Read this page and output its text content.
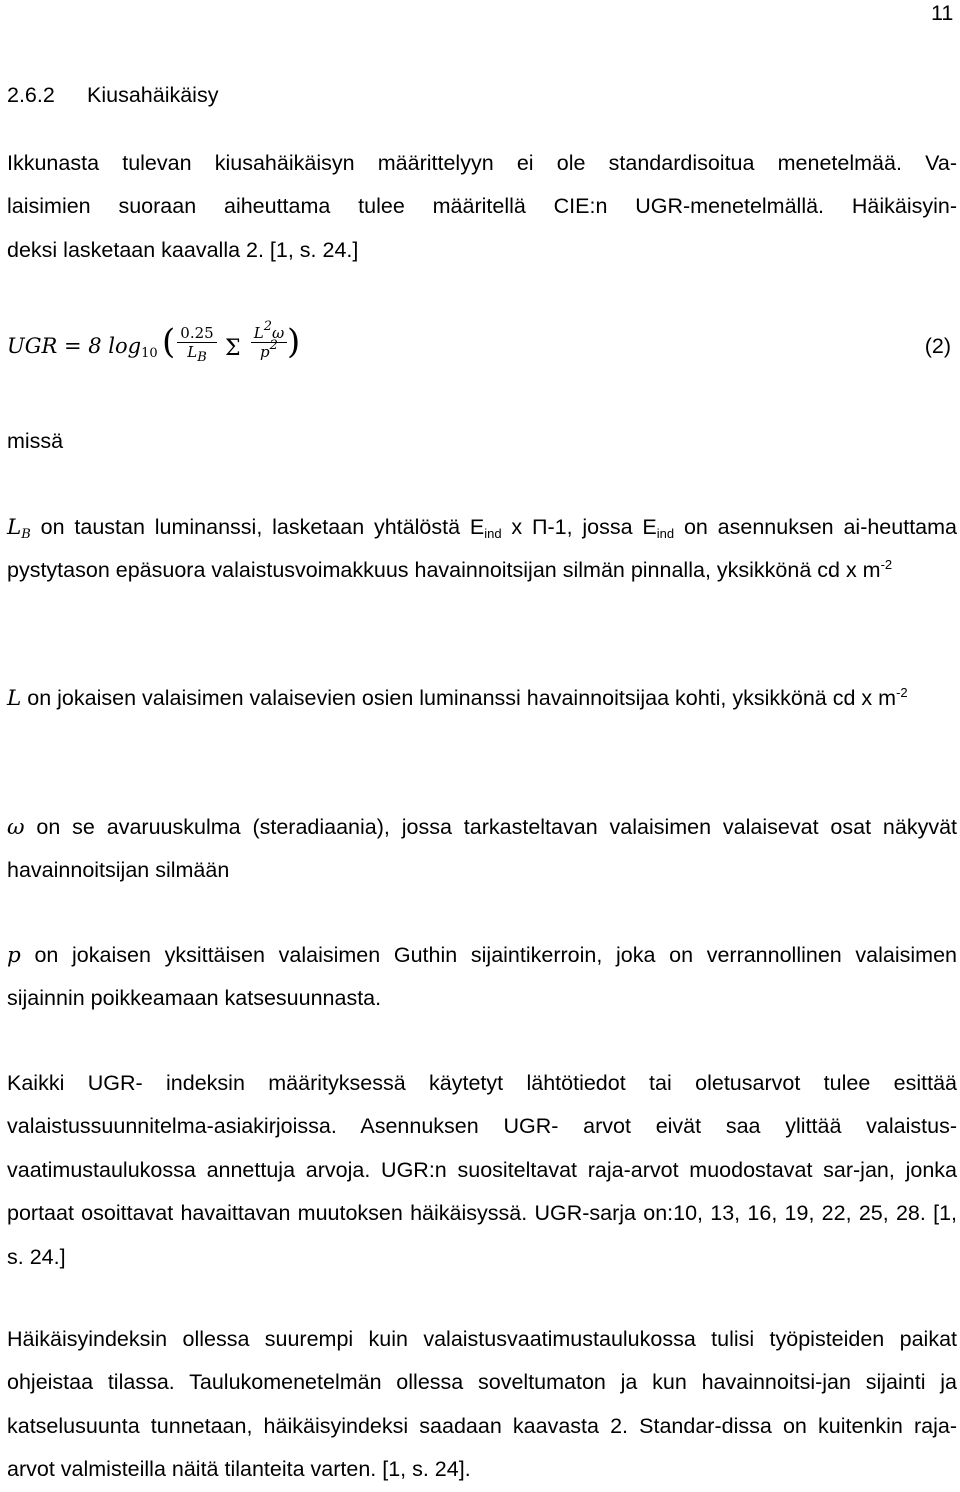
11
2.6.2 Kiusahäikäisy
Ikkunasta tulevan kiusahäikäisyn määrittelyyn ei ole standardisoitua menetelmää. Va-
laisimien suoraan aiheuttama tulee määritellä CIE:n UGR-menetelmällä. Häikäisyin-
deksi lasketaan kaavalla 2. [1, s. 24.]
UGR = 8 $\log_{10}$ ( $\frac{0.25}{L_B}$ Σ $\frac{L^2\omega}{p^2}$ )	(2)
missä
$L_B$ on taustan luminanssi, lasketaan yhtälöstä $E_{ind}$ x Π-1, jossa $E_{ind}$ on asennuksen ai-heuttama pystytason epäsuora valaistusvoimakkuus havainnoitsijan silmän pinnalla, yksikkönä cd x $m^{-2}$
L on jokaisen valaisimen valaisevien osien luminanssi havainnoitsijaa kohti, yksikkönä cd x $m^{-2}$
ω on se avaruuskulma (steradiaania), jossa tarkasteltavan valaisimen valaisevat osat näkyvät havainnoitsijan silmään
p on jokaisen yksittäisen valaisimen Guthin sijaintikerroin, joka on verrannollinen valaisimen sijainnin poikkeamaan katsesuunnasta.
Kaikki UGR- indeksin määrityksessä käytetyt lähtötiedot tai oletusarvot tulee esittää valaistussuunnitelma-asiakirjoissa. Asennuksen UGR- arvot eivät saa ylittää valaistus-vaatimustaulukossa annettuja arvoja. UGR:n suositeltavat raja-arvot muodostavat sar-jan, jonka portaat osoittavat havaittavan muutoksen häikäisyssä. UGR-sarja on:10, 13, 16, 19, 22, 25, 28. [1, s. 24.]
Häikäisyindeksin ollessa suurempi kuin valaistusvaatimustaulukossa tulisi työpisteiden paikat ohjeistaa tilassa. Taulukomenetelmän ollessa soveltumaton ja kun havainnoitsi-jan sijainti ja katselusuunta tunnetaan, häikäisyindeksi saadaan kaavasta 2. Standar-dissa on kuitenkin raja-arvot valmisteilla näitä tilanteita varten. [1, s. 24].
